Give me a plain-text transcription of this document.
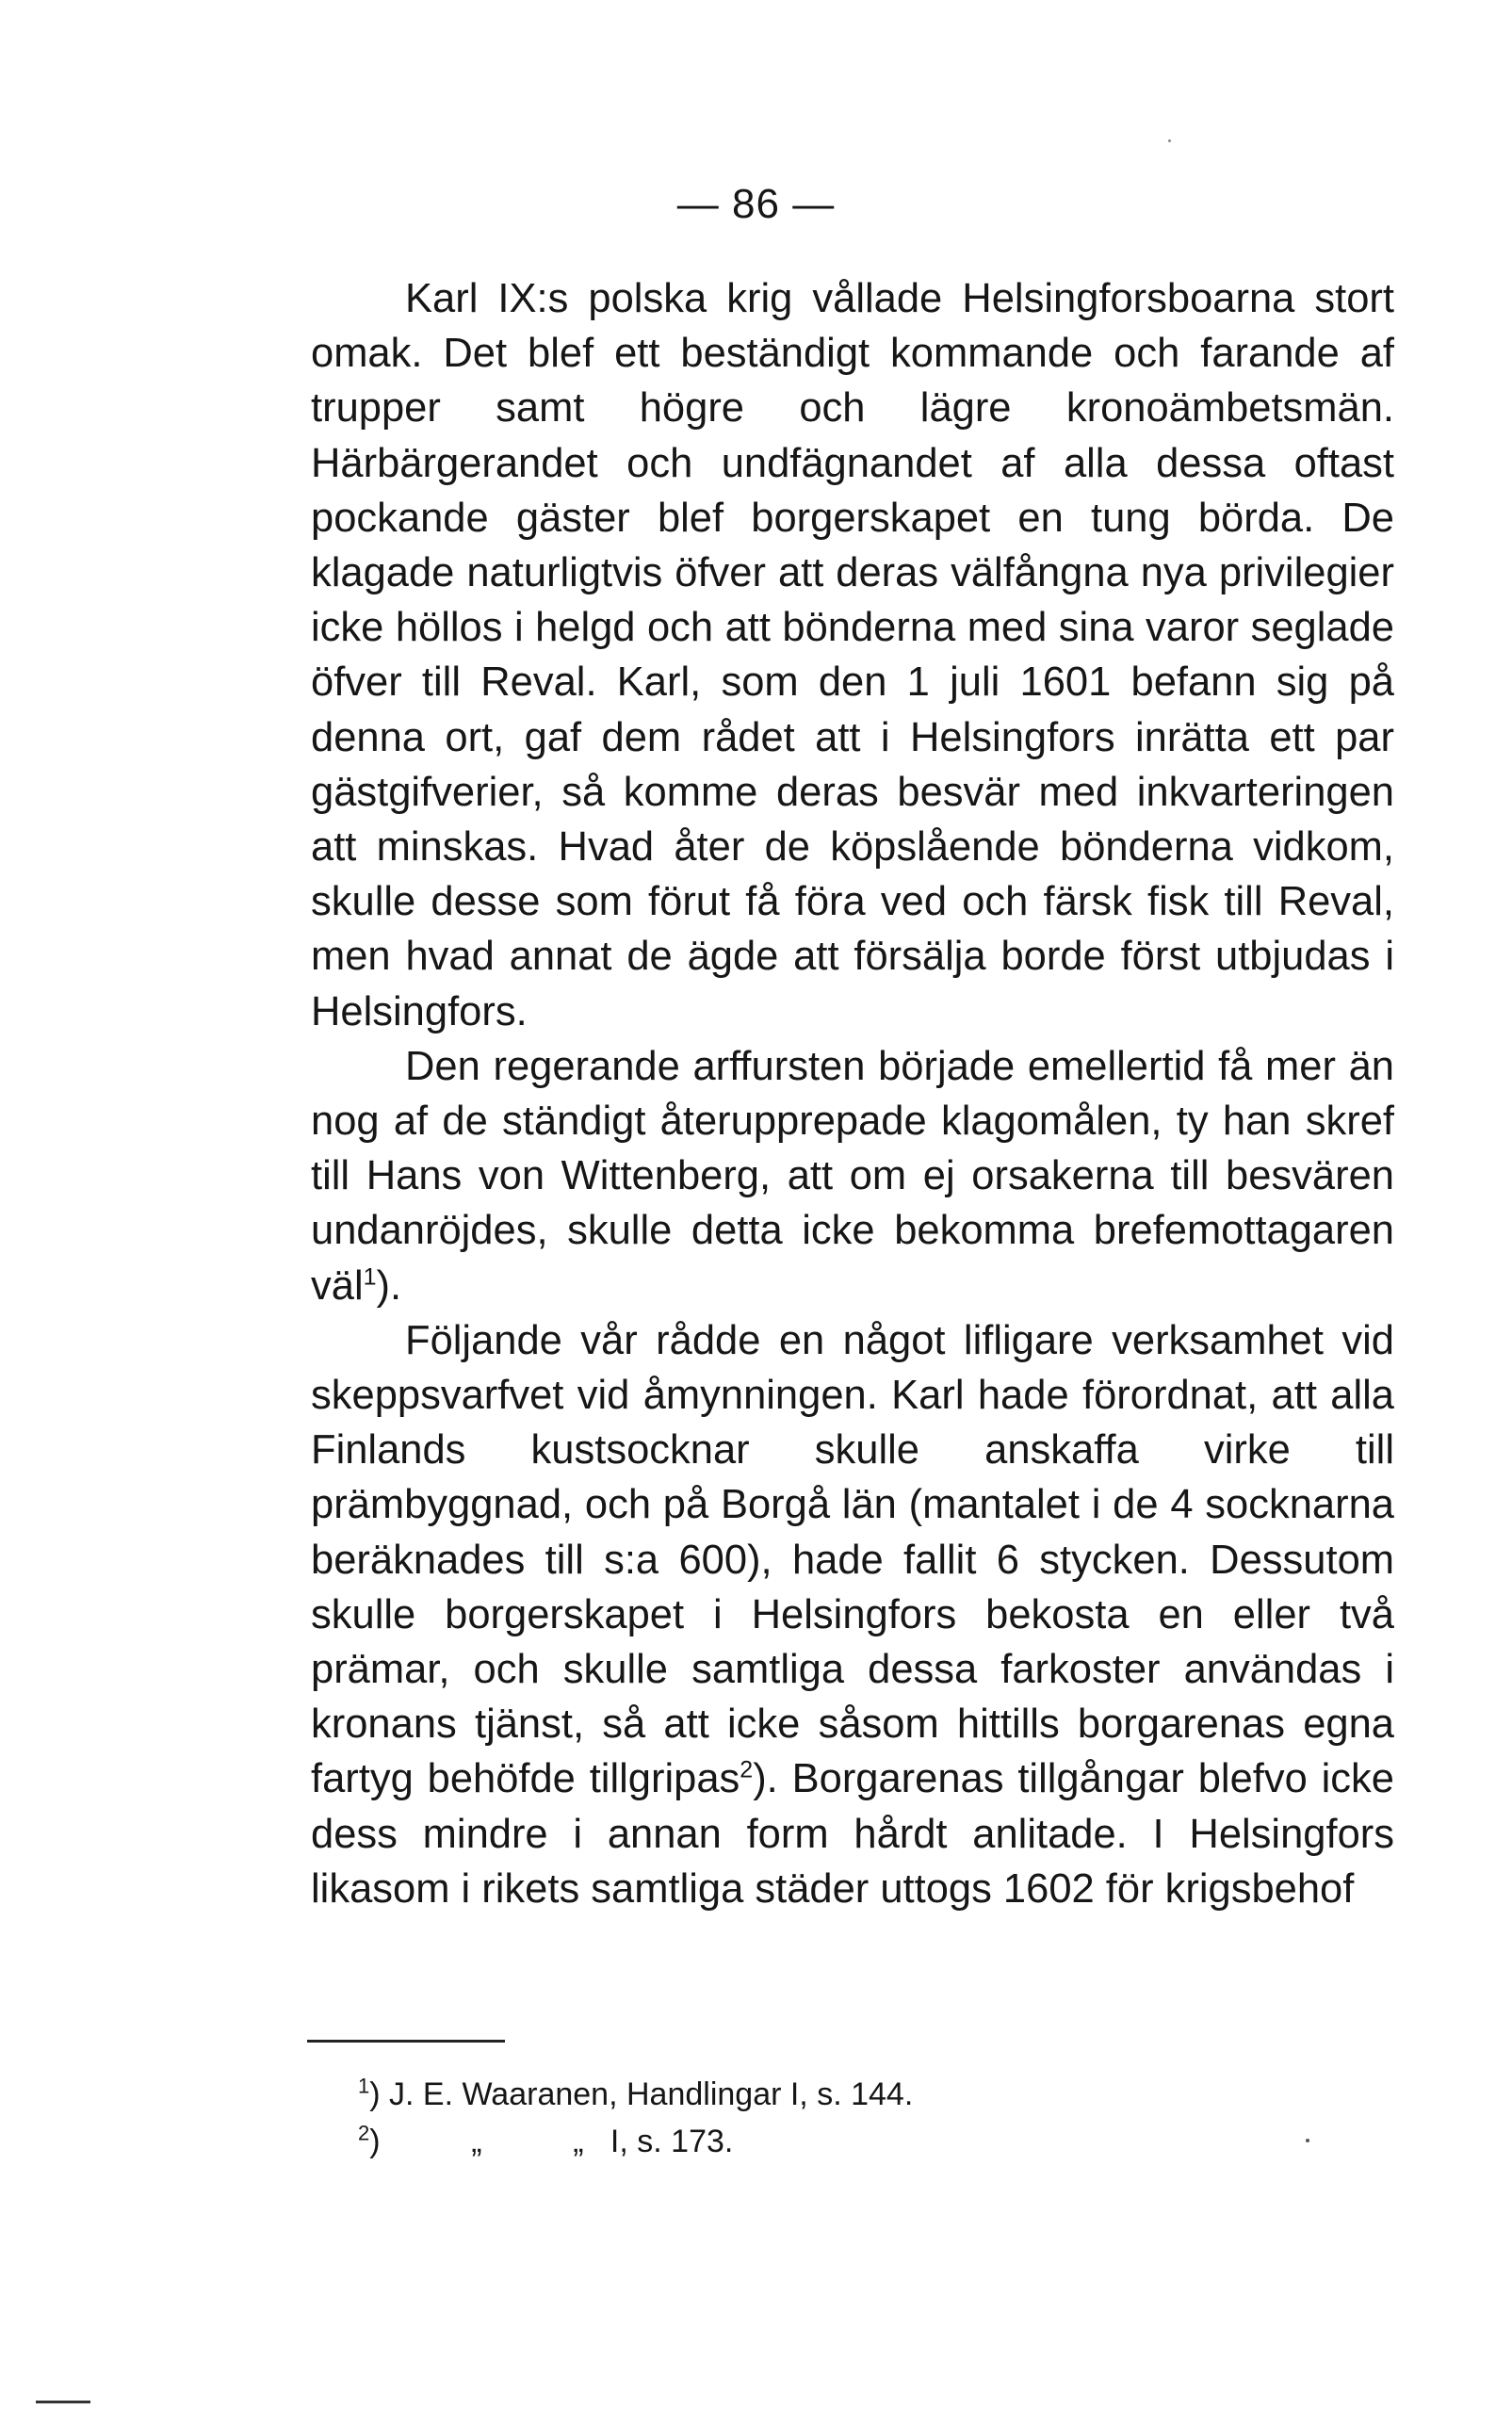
— 86 —

Karl IX:s polska krig vållade Helsingforsboarna stort omak. Det blef ett beständigt kommande och farande af trupper samt högre och lägre kronoämbetsmän. Härbärgerandet och undfägnandet af alla dessa oftast pockande gäster blef borgerskapet en tung börda. De klagade naturligtvis öfver att deras välfångna nya privilegier icke höllos i helgd och att bönderna med sina varor seglade öfver till Reval. Karl, som den 1 juli 1601 befann sig på denna ort, gaf dem rådet att i Helsingfors inrätta ett par gästgifverier, så komme deras besvär med inkvarteringen att minskas. Hvad åter de köpslående bönderna vidkom, skulle desse som förut få föra ved och färsk fisk till Reval, men hvad annat de ägde att försälja borde först utbjudas i Helsingfors.

Den regerande arffursten började emellertid få mer än nog af de ständigt återupprepade klagomålen, ty han skref till Hans von Wittenberg, att om ej orsakerna till besvären undanröjdes, skulle detta icke bekomma brefemottagaren väl$^1$).

Följande vår rådde en något lifligare verksamhet vid skeppsvarfvet vid åmynningen. Karl hade förordnat, att alla Finlands kustsocknar skulle anskaffa virke till prämbyggnad, och på Borgå län (mantalet i de 4 socknarna beräknades till s:a 600), hade fallit 6 stycken. Dessutom skulle borgerskapet i Helsingfors bekosta en eller två prämar, och skulle samtliga dessa farkoster användas i kronans tjänst, så att icke såsom hittills borgarenas egna fartyg behöfde tillgripas$^2$). Borgarenas tillgångar blefvo icke dess mindre i annan form hårdt anlitade. I Helsingfors likasom i rikets samtliga städer uttogs 1602 för krigsbehof

$^1$) J. E. Waaranen, Handlingar I, s. 144.
$^2$)	„	„ I, s. 173.
